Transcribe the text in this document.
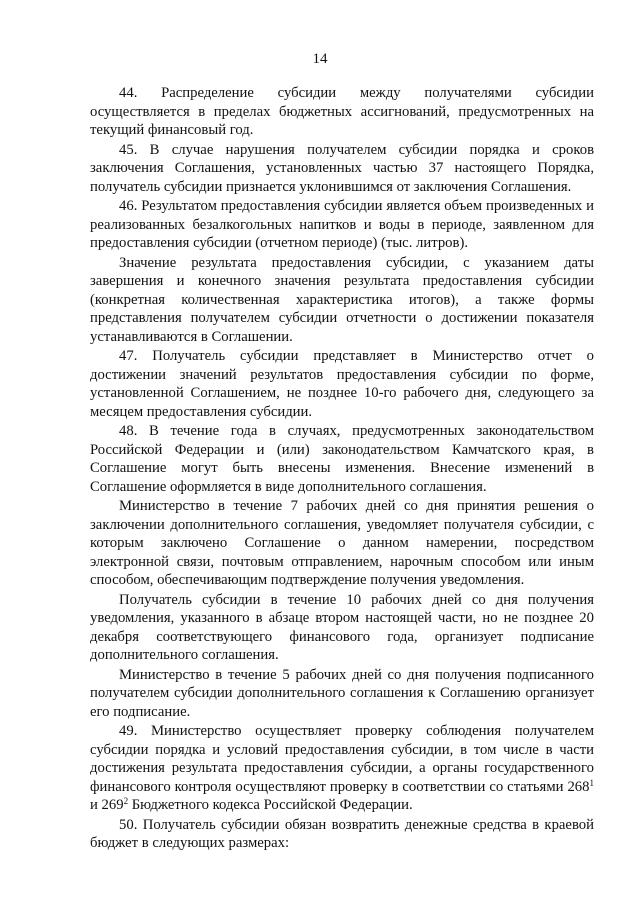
14

44. Распределение субсидии между получателями субсидии осуществляется в пределах бюджетных ассигнований, предусмотренных на текущий финансовый год.

45. В случае нарушения получателем субсидии порядка и сроков заключения Соглашения, установленных частью 37 настоящего Порядка, получатель субсидии признается уклонившимся от заключения Соглашения.

46. Результатом предоставления субсидии является объем произведенных и реализованных безалкогольных напитков и воды в периоде, заявленном для предоставления субсидии (отчетном периоде) (тыс. литров).

Значение результата предоставления субсидии, с указанием даты завершения и конечного значения результата предоставления субсидии (конкретная количественная характеристика итогов), а также формы представления получателем субсидии отчетности о достижении показателя устанавливаются в Соглашении.

47. Получатель субсидии представляет в Министерство отчет о достижении значений результатов предоставления субсидии по форме, установленной Соглашением, не позднее 10-го рабочего дня, следующего за месяцем предоставления субсидии.

48. В течение года в случаях, предусмотренных законодательством Российской Федерации и (или) законодательством Камчатского края, в Соглашение могут быть внесены изменения. Внесение изменений в Соглашение оформляется в виде дополнительного соглашения.

Министерство в течение 7 рабочих дней со дня принятия решения о заключении дополнительного соглашения, уведомляет получателя субсидии, с которым заключено Соглашение о данном намерении, посредством электронной связи, почтовым отправлением, нарочным способом или иным способом, обеспечивающим подтверждение получения уведомления.

Получатель субсидии в течение 10 рабочих дней со дня получения уведомления, указанного в абзаце втором настоящей части, но не позднее 20 декабря соответствующего финансового года, организует подписание дополнительного соглашения.

Министерство в течение 5 рабочих дней со дня получения подписанного получателем субсидии дополнительного соглашения к Соглашению организует его подписание.

49. Министерство осуществляет проверку соблюдения получателем субсидии порядка и условий предоставления субсидии, в том числе в части достижения результата предоставления субсидии, а органы государственного финансового контроля осуществляют проверку в соответствии со статьями $268^1$ и $269^2$ Бюджетного кодекса Российской Федерации.

50. Получатель субсидии обязан возвратить денежные средства в краевой бюджет в следующих размерах:
